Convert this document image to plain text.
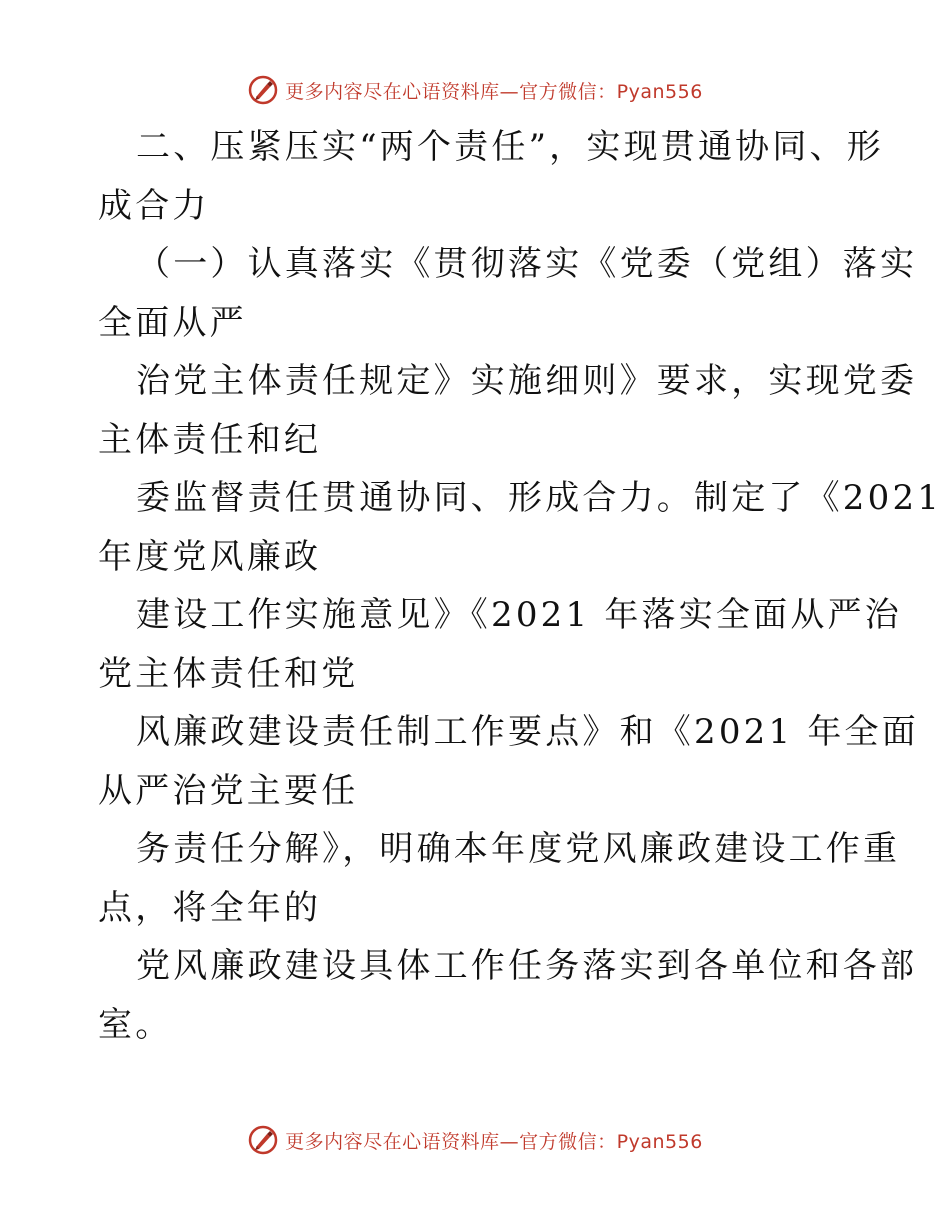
更多内容尽在心语资料库—官方微信：Pyan556
二、压紧压实“两个责任”，实现贯通协同、形
成合力
（一）认真落实《贯彻落实《党委（党组）落实
全面从严
治党主体责任规定》实施细则》要求，实现党委
主体责任和纪
委监督责任贯通协同、形成合力。制定了《2021
年度党风廉政
建设工作实施意见》《2021 年落实全面从严治
党主体责任和党
风廉政建设责任制工作要点》和《2021 年全面
从严治党主要任
务责任分解》，明确本年度党风廉政建设工作重
点，将全年的
党风廉政建设具体工作任务落实到各单位和各部
室。
更多内容尽在心语资料库—官方微信：Pyan556
